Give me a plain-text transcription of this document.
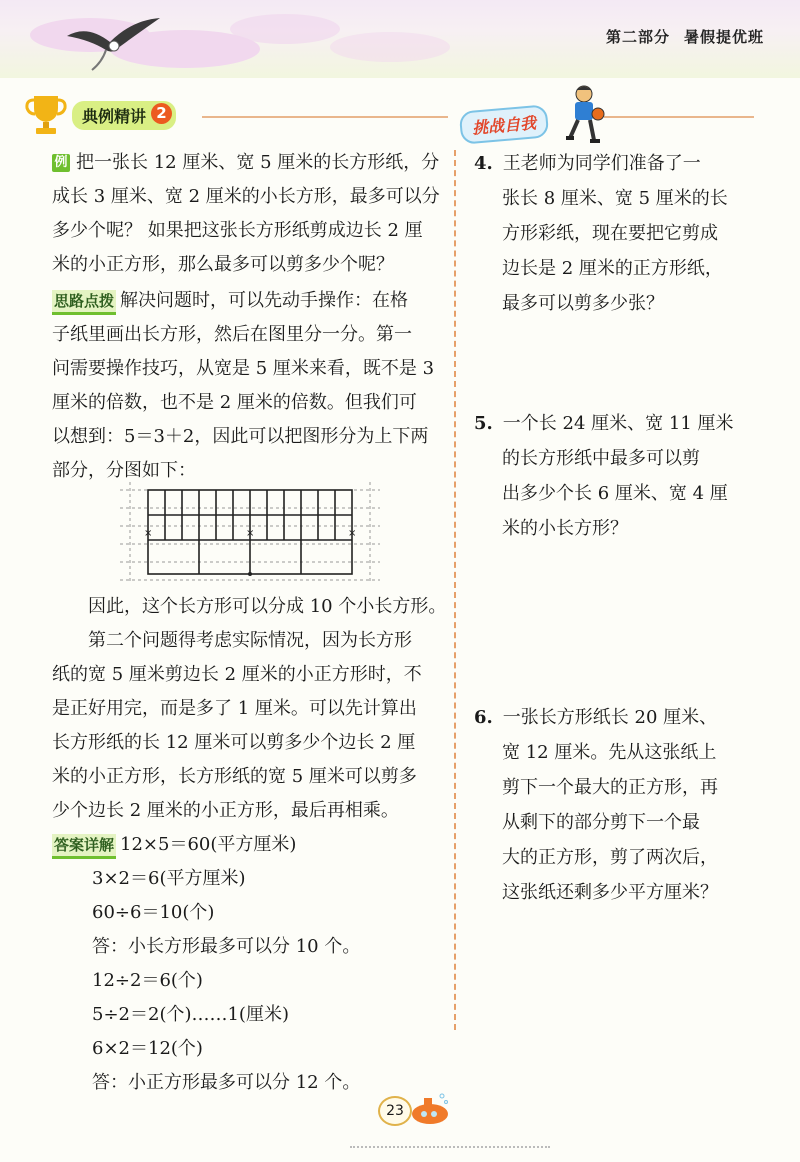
第二部分 暑假提优班
典例精讲 2
挑战自我
例 把一张长 12 厘米、宽 5 厘米的长方形纸，分
成长 3 厘米、宽 2 厘米的小长方形，最多可以分
多少个呢？ 如果把这张长方形纸剪成边长 2 厘
米的小正方形，那么最多可以剪多少个呢？
思路点拨 解决问题时，可以先动手操作：在格
子纸里画出长方形，然后在图里分一分。第一
问需要操作技巧，从宽是 5 厘米来看，既不是 3
厘米的倍数，也不是 2 厘米的倍数。但我们可
以想到：5＝3＋2，因此可以把图形分为上下两
部分，分图如下：
×	×	×
因此，这个长方形可以分成 10 个小长方形。
第二个问题得考虑实际情况，因为长方形
纸的宽 5 厘米剪边长 2 厘米的小正方形时，不
是正好用完，而是多了 1 厘米。可以先计算出
长方形纸的长 12 厘米可以剪多少个边长 2 厘
米的小正方形，长方形纸的宽 5 厘米可以剪多
少个边长 2 厘米的小正方形，最后再相乘。
答案详解 12×5＝60(平方厘米)
3×2＝6(平方厘米)
60÷6＝10(个)
答：小长方形最多可以分 10 个。
12÷2＝6(个)
5÷2＝2(个)……1(厘米)
6×2＝12(个)
答：小正方形最多可以分 12 个。
4. 王老师为同学们准备了一
张长 8 厘米、宽 5 厘米的长
方形彩纸，现在要把它剪成
边长是 2 厘米的正方形纸，
最多可以剪多少张？
5. 一个长 24 厘米、宽 11 厘米
的长方形纸中最多可以剪
出多少个长 6 厘米、宽 4 厘
米的小长方形？
6. 一张长方形纸长 20 厘米、
宽 12 厘米。先从这张纸上
剪下一个最大的正方形，再
从剩下的部分剪下一个最
大的正方形，剪了两次后，
这张纸还剩多少平方厘米？
23
